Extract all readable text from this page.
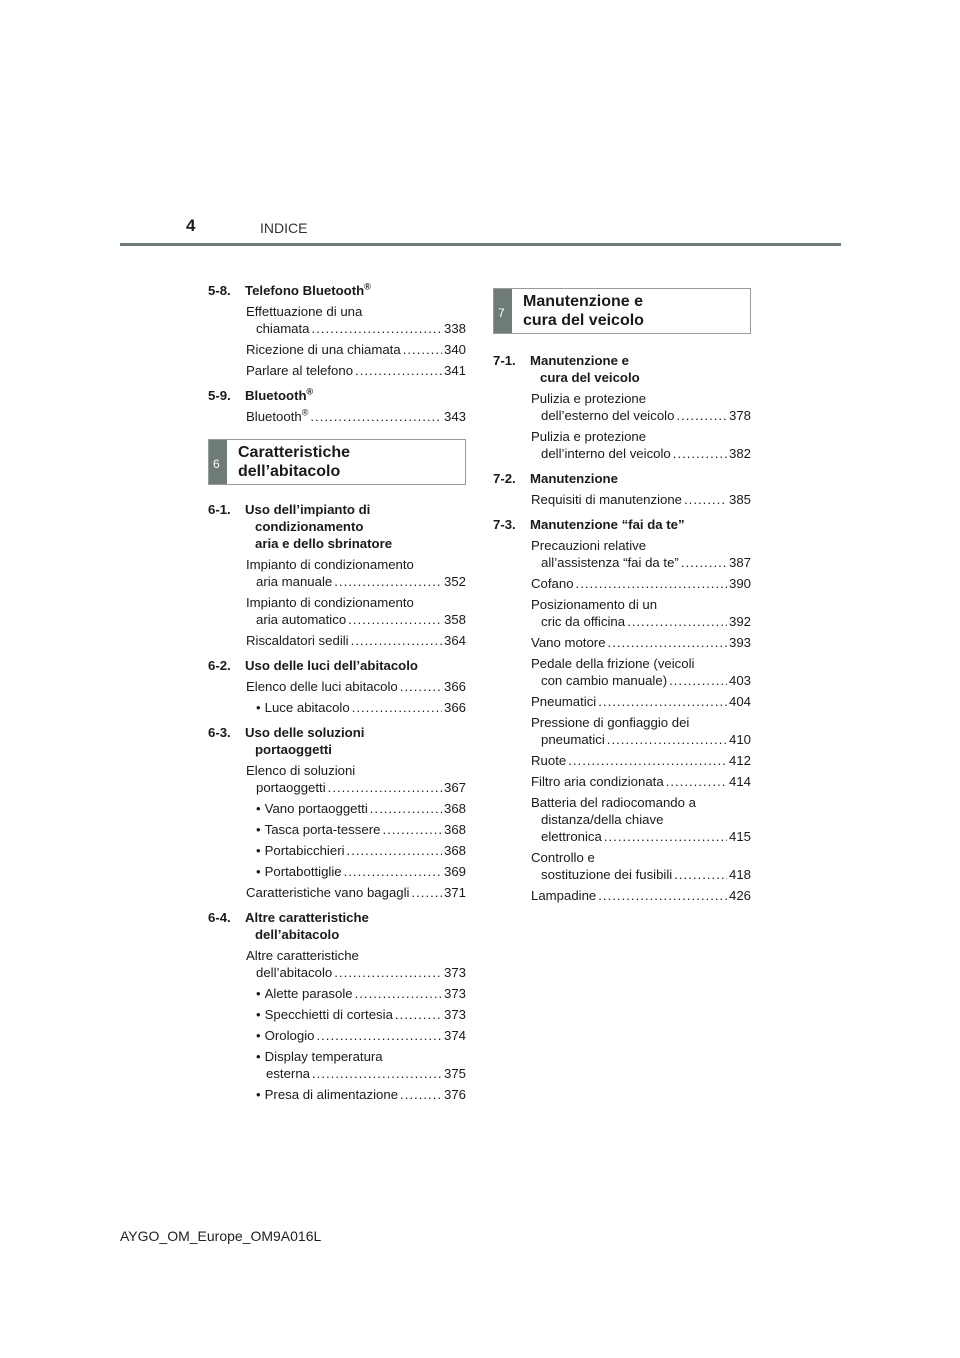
4	INDICE
5-8. Telefono Bluetooth®
Effettuazione di una
chiamata .....	338
Ricezione di una chiamata .....	340
Parlare al telefono .....	341
5-9. Bluetooth®
Bluetooth® .....	343
6
Caratteristiche
dell’abitacolo
6-1. Uso dell’impianto di
condizionamento
aria e dello sbrinatore
Impianto di condizionamento
aria manuale .....	352
Impianto di condizionamento
aria automatico .....	358
Riscaldatori sedili .....	364
6-2. Uso delle luci dell’abitacolo
Elenco delle luci abitacolo .....	366
• Luce abitacolo .....	366
6-3. Uso delle soluzioni
portaoggetti
Elenco di soluzioni
portaoggetti .....	367
• Vano portaoggetti .....	368
• Tasca porta-tessere .....	368
• Portabicchieri .....	368
• Portabottiglie .....	369
Caratteristiche vano bagagli .....	371
6-4. Altre caratteristiche
dell’abitacolo
Altre caratteristiche
dell’abitacolo .....	373
• Alette parasole .....	373
• Specchietti di cortesia .....	373
• Orologio .....	374
• Display temperatura
esterna .....	375
• Presa di alimentazione .....	376
7
Manutenzione e
cura del veicolo
7-1. Manutenzione e
cura del veicolo
Pulizia e protezione
dell’esterno del veicolo .....	378
Pulizia e protezione
dell’interno del veicolo .....	382
7-2. Manutenzione
Requisiti di manutenzione .....	385
7-3. Manutenzione “fai da te”
Precauzioni relative
all’assistenza “fai da te” .....	387
Cofano .....	390
Posizionamento di un
cric da officina .....	392
Vano motore .....	393
Pedale della frizione (veicoli
con cambio manuale) .....	403
Pneumatici .....	404
Pressione di gonfiaggio dei
pneumatici .....	410
Ruote .....	412
Filtro aria condizionata .....	414
Batteria del radiocomando a
distanza/della chiave
elettronica .....	415
Controllo e
sostituzione dei fusibili .....	418
Lampadine .....	426
AYGO_OM_Europe_OM9A016L
